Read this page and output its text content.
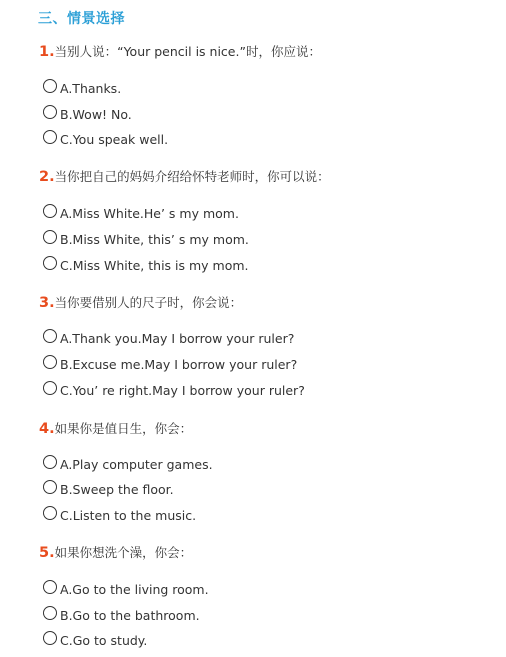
三、情景选择
1.当别人说：“Your pencil is nice.”时，你应说：
A.Thanks.
B.Wow! No.
C.You speak well.
2.当你把自己的妈妈介绍给怀特老师时，你可以说：
A.Miss White.He’ s my mom.
B.Miss White, this’ s my mom.
C.Miss White, this is my mom.
3.当你要借别人的尺子时，你会说：
A.Thank you.May I borrow your ruler?
B.Excuse me.May I borrow your ruler?
C.You’ re right.May I borrow your ruler?
4.如果你是值日生，你会：
A.Play computer games.
B.Sweep the floor.
C.Listen to the music.
5.如果你想洗个澡，你会：
A.Go to the living room.
B.Go to the bathroom.
C.Go to study.
